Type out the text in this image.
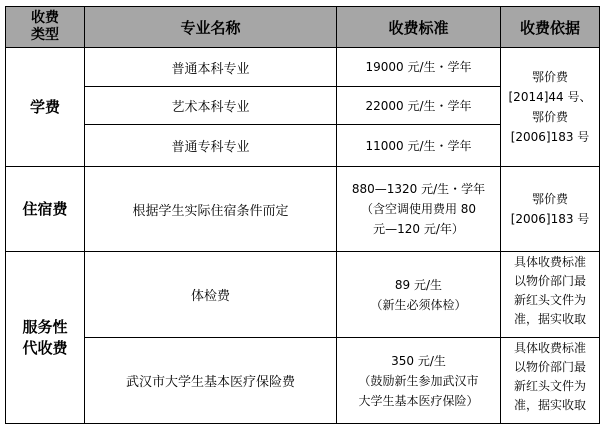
收费
类型	专业名称	收费标准	收费依据
学费	普通本科专业	19000 元/生・学年	鄂价费
[2014]44 号、
鄂价费
[2006]183 号

	艺术本科专业	22000 元/生・学年	
	普通专科专业	11000 元/生・学年	
住宿费	根据学生实际住宿条件而定	880—1320 元/生・学年
（含空调使用费用 80
元—120 元/年）	鄂价费
[2006]183 号

服务性
代收费	体检费	89 元/生
（新生必须体检）	具体收费标准
以物价部门最
新红头文件为
准，据实收取

	武汉市大学生基本医疗保险费	350 元/生
（鼓励新生参加武汉市
大学生基本医疗保险）	具体收费标准
以物价部门最
新红头文件为
准，据实收取
